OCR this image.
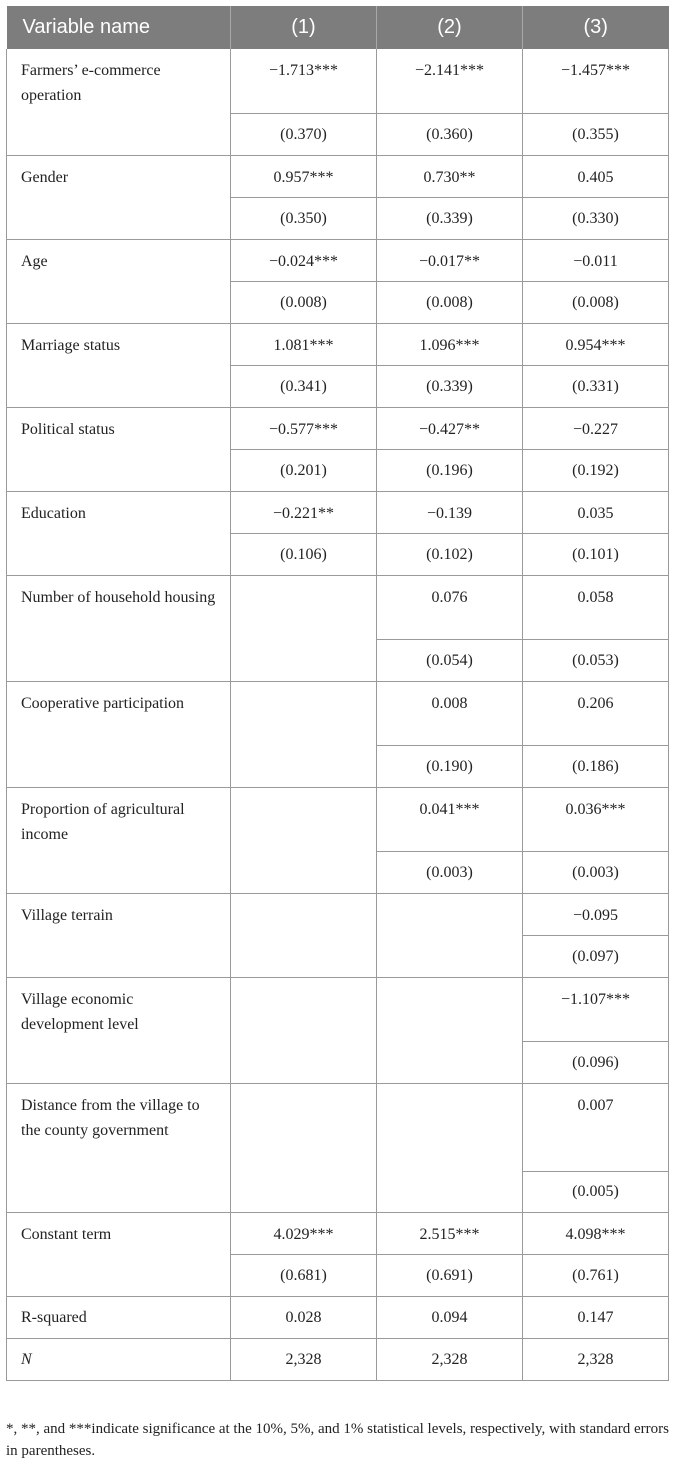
Variable name	(1)	(2)	(3)
Farmers’ e-commerce operation	−1.713***	−2.141***	−1.457***
	(0.370)	(0.360)	(0.355)
Gender	0.957***	0.730**	0.405
	(0.350)	(0.339)	(0.330)
Age	−0.024***	−0.017**	−0.011
	(0.008)	(0.008)	(0.008)
Marriage status	1.081***	1.096***	0.954***
	(0.341)	(0.339)	(0.331)
Political status	−0.577***	−0.427**	−0.227
	(0.201)	(0.196)	(0.192)
Education	−0.221**	−0.139	0.035
	(0.106)	(0.102)	(0.101)
Number of household housing		0.076	0.058
		(0.054)	(0.053)
Cooperative participation		0.008	0.206
		(0.190)	(0.186)
Proportion of agricultural income		0.041***	0.036***
		(0.003)	(0.003)
Village terrain			−0.095
			(0.097)
Village economic development level			−1.107***
			(0.096)
Distance from the village to the county government			0.007
			(0.005)
Constant term	4.029***	2.515***	4.098***
	(0.681)	(0.691)	(0.761)
R-squared	0.028	0.094	0.147
N	2,328	2,328	2,328
*, **, and ***indicate significance at the 10%, 5%, and 1% statistical levels, respectively, with standard errors in parentheses.
